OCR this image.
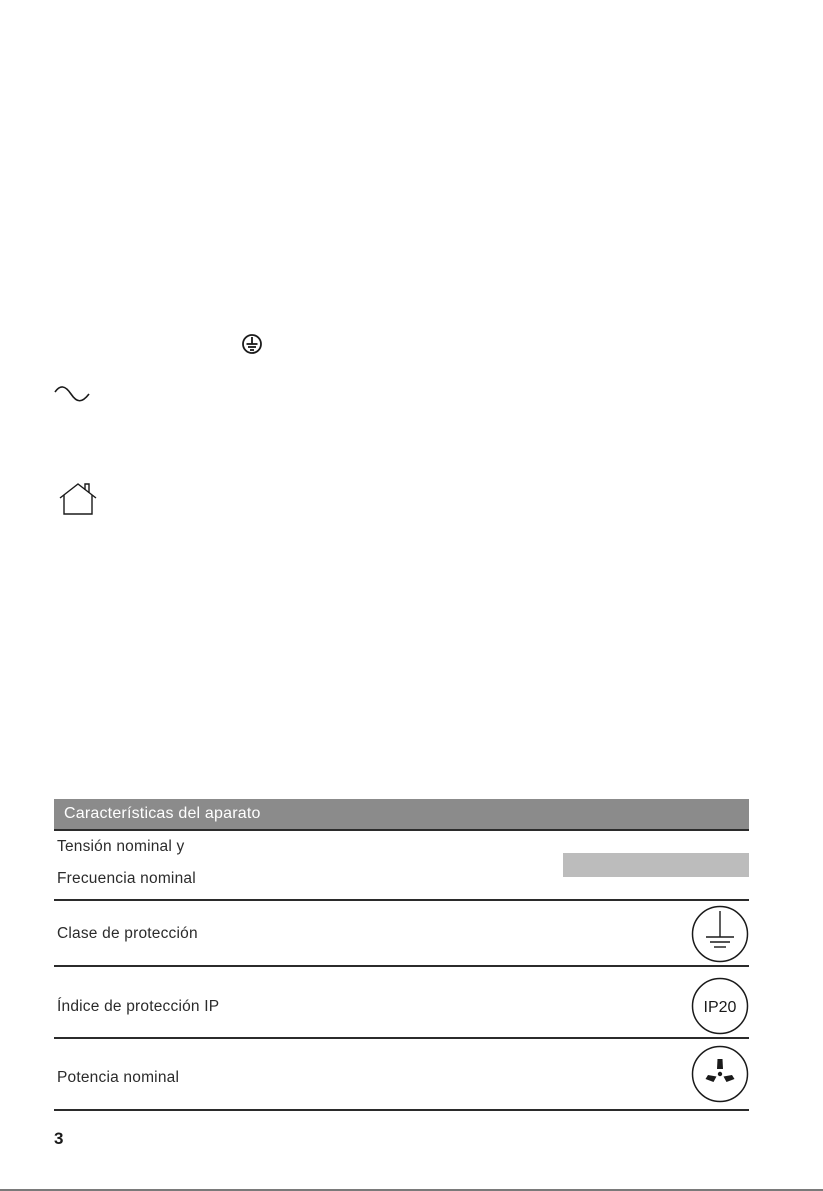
Características del aparato
Tensión nominal y
Frecuencia nominal
Clase de protección
Índice de protección IP	IP20
Potencia nominal
3
